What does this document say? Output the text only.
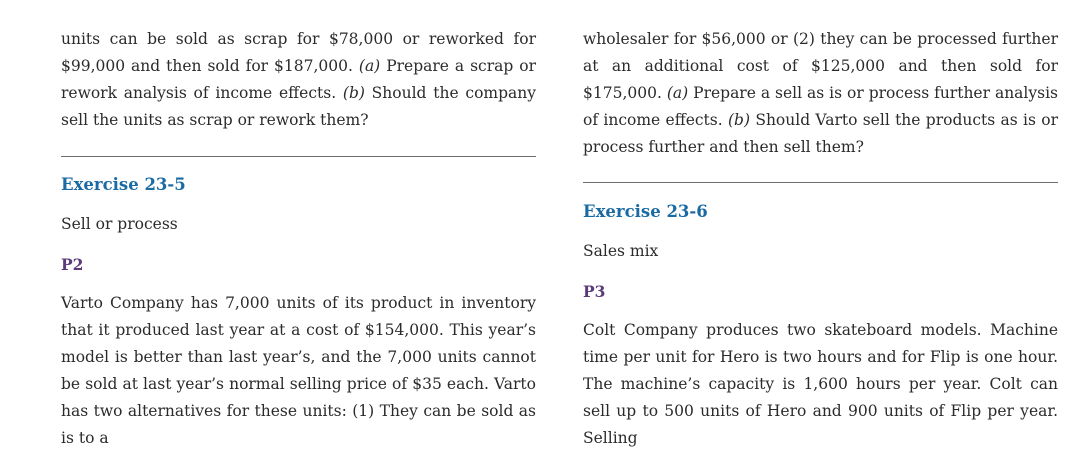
units can be sold as scrap for $78,000 or reworked for $99,000 and then sold for $187,000. (a) Prepare a scrap or rework analysis of income effects. (b) Should the company sell the units as scrap or rework them?

Exercise 23-5

Sell or process

P2

Varto Company has 7,000 units of its product in inventory that it produced last year at a cost of $154,000. This year’s model is better than last year’s, and the 7,000 units cannot be sold at last year’s normal selling price of $35 each. Varto has two alternatives for these units: (1) They can be sold as is to a

wholesaler for $56,000 or (2) they can be processed further at an additional cost of $125,000 and then sold for $175,000. (a) Prepare a sell as is or process further analysis of income effects. (b) Should Varto sell the products as is or process further and then sell them?

Exercise 23-6

Sales mix

P3

Colt Company produces two skateboard models. Machine time per unit for Hero is two hours and for Flip is one hour. The machine’s capacity is 1,600 hours per year. Colt can sell up to 500 units of Hero and 900 units of Flip per year. Selling
